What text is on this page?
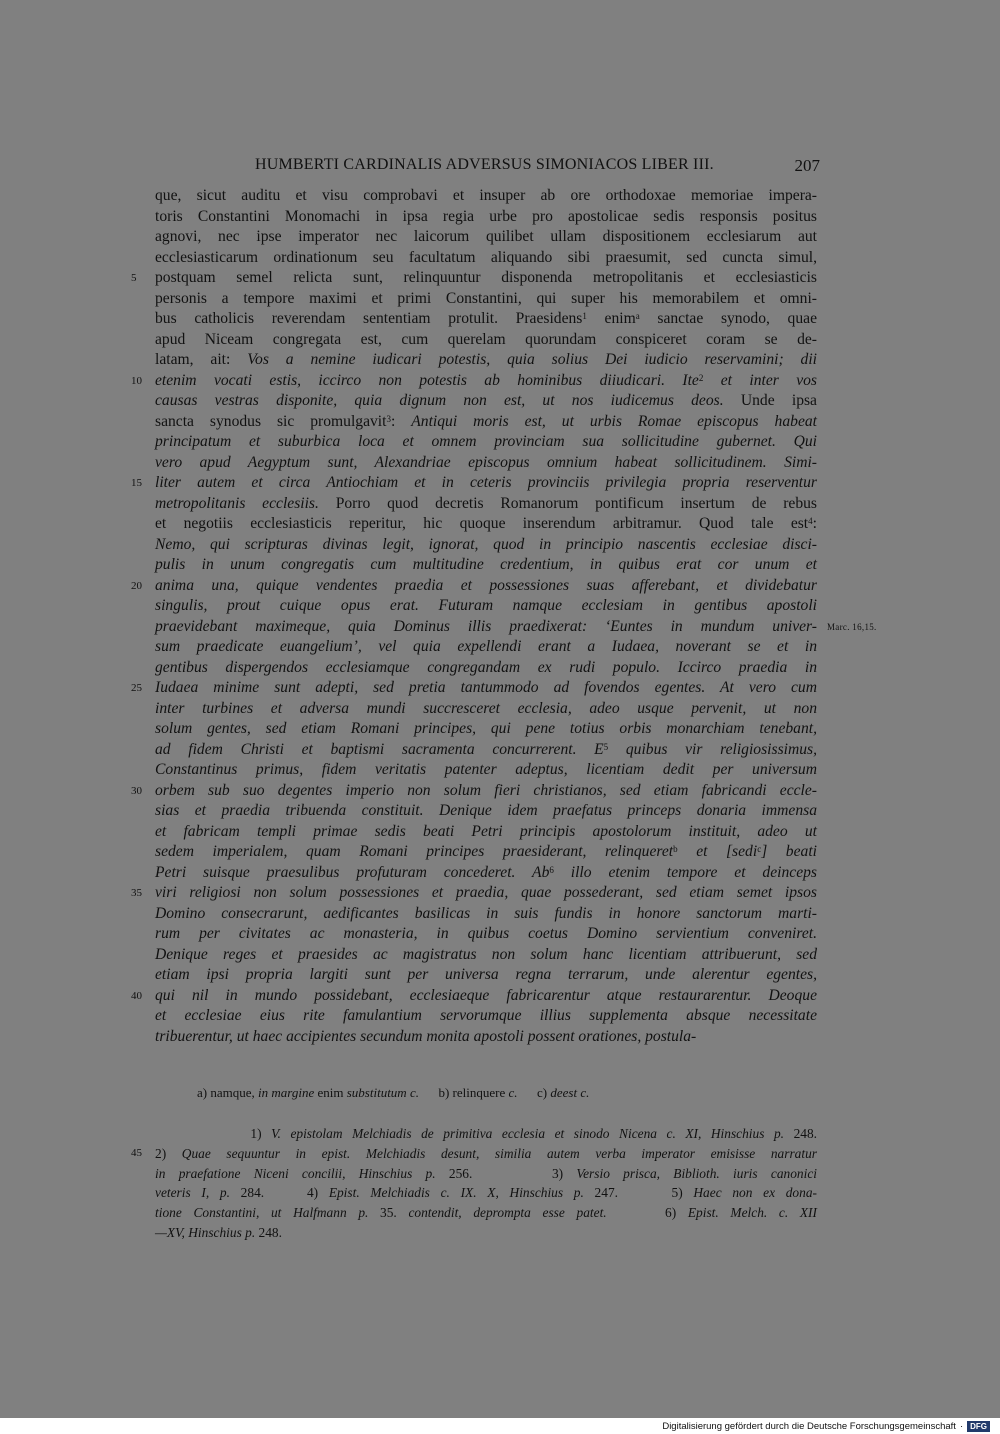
HUMBERTI CARDINALIS ADVERSUS SIMONIACOS LIBER III.	207
que, sicut auditu et visu comprobavi et insuper ab ore orthodoxae memoriae impera-
toris Constantini Monomachi in ipsa regia urbe pro apostolicae sedis responsis positus
agnovi, nec ipse imperator nec laicorum quilibet ullam dispositionem ecclesiarum aut
ecclesiasticarum ordinationum seu facultatum aliquando sibi praesumit, sed cuncta simul,
postquam semel relicta sunt, relinquuntur disponenda metropolitanis et ecclesiasticis
5
personis a tempore maximi et primi Constantini, qui super his memorabilem et omni-
bus catholicis reverendam sententiam protulit. Praesidens$^1$ enim$^a$ sanctae synodo, quae
apud Niceam congregata est, cum querelam quorundam conspiceret coram se de-
latam, ait: Vos a nemine iudicari potestis, quia solius Dei iudicio reservamini; dii
etenim vocati estis, iccirco non potestis ab hominibus diiudicari. Ite$^2$ et inter vos
10
causas vestras disponite, quia dignum non est, ut nos iudicemus deos. Unde ipsa
sancta synodus sic promulgavit$^3$: Antiqui moris est, ut urbis Romae episcopus habeat
principatum et suburbica loca et omnem provinciam sua sollicitudine gubernet. Qui
vero apud Aegyptum sunt, Alexandriae episcopus omnium habeat sollicitudinem. Simi-
liter autem et circa Antiochiam et in ceteris provinciis privilegia propria reserventur
15
metropolitanis ecclesiis. Porro quod decretis Romanorum pontificum insertum de rebus
et negotiis ecclesiasticis reperitur, hic quoque inserendum arbitramur. Quod tale est$^4$:
Nemo, qui scripturas divinas legit, ignorat, quod in principio nascentis ecclesiae disci-
pulis in unum congregatis cum multitudine credentium, in quibus erat cor unum et
anima una, quique vendentes praedia et possessiones suas afferebant, et dividebatur
20
singulis, prout cuique opus erat. Futuram namque ecclesiam in gentibus apostoli
praevidebant maximeque, quia Dominus illis praedixerat: ‘Euntes in mundum univer- Marc. 16,15.
sum praedicate euangelium’, vel quia expellendi erant a Iudaea, noverant se et in
gentibus dispergendos ecclesiamque congregandam ex rudi populo. Iccirco praedia in
Iudaea minime sunt adepti, sed pretia tantummodo ad fovendos egentes. At vero cum
25
inter turbines et adversa mundi succresceret ecclesia, adeo usque pervenit, ut non
solum gentes, sed etiam Romani principes, qui pene totius orbis monarchiam tenebant,
ad fidem Christi et baptismi sacramenta concurrerent. $E^5$ quibus vir religiosissimus,
Constantinus primus, fidem veritatis patenter adeptus, licentiam dedit per universum
orbem sub suo degentes imperio non solum fieri christianos, sed etiam fabricandi eccle-
30
sias et praedia tribuenda constituit. Denique idem praefatus princeps donaria immensa
et fabricam templi primae sedis beati Petri principis apostolorum instituit, adeo ut
sedem imperialem, quam Romani principes praesiderant, relinqueret$^b$ et [sedi$^c$] beati
Petri suisque praesulibus profuturam concederet. Ab$^6$ illo etenim tempore et deinceps
viri religiosi non solum possessiones et praedia, quae possederant, sed etiam semet ipsos
35
Domino consecrarunt, aedificantes basilicas in suis fundis in honore sanctorum marti-
rum per civitates ac monasteria, in quibus coetus Domino servientium conveniret.
Denique reges et praesides ac magistratus non solum hanc licentiam attribuerunt, sed
etiam ipsi propria largiti sunt per universa regna terrarum, unde alerentur egentes,
qui nil in mundo possidebant, ecclesiaeque fabricarentur atque restaurarentur. Deoque
40
et ecclesiae eius rite famulantium servorumque illius supplementa absque necessitate
tribuerentur, ut haec accipientes secundum monita apostoli possent orationes, postula-
a) namque, in margine enim substitutum c.      b) relinquere c.      c) deest c.
1) V. epistolam Melchiadis de primitiva ecclesia et sinodo Nicena c. XI, Hinschius p. 248.
2) Quae sequuntur in epist. Melchiadis desunt, similia autem verba imperator emisisse narratur
45
in praefatione Niceni concilii, Hinschius p. 256.      3) Versio prisca, Biblioth. iuris canonici
veteris I, p. 284.    4) Epist. Melchiadis c. IX. X, Hinschius p. 247.     5) Haec non ex dona-
tione Constantini, ut Halfmann p. 35. contendit, deprompta esse patet.     6) Epist. Melch. c. XII
—XV, Hinschius p. 248.
Digitalisierung gefördert durch die Deutsche Forschungsgemeinschaft · DFG
